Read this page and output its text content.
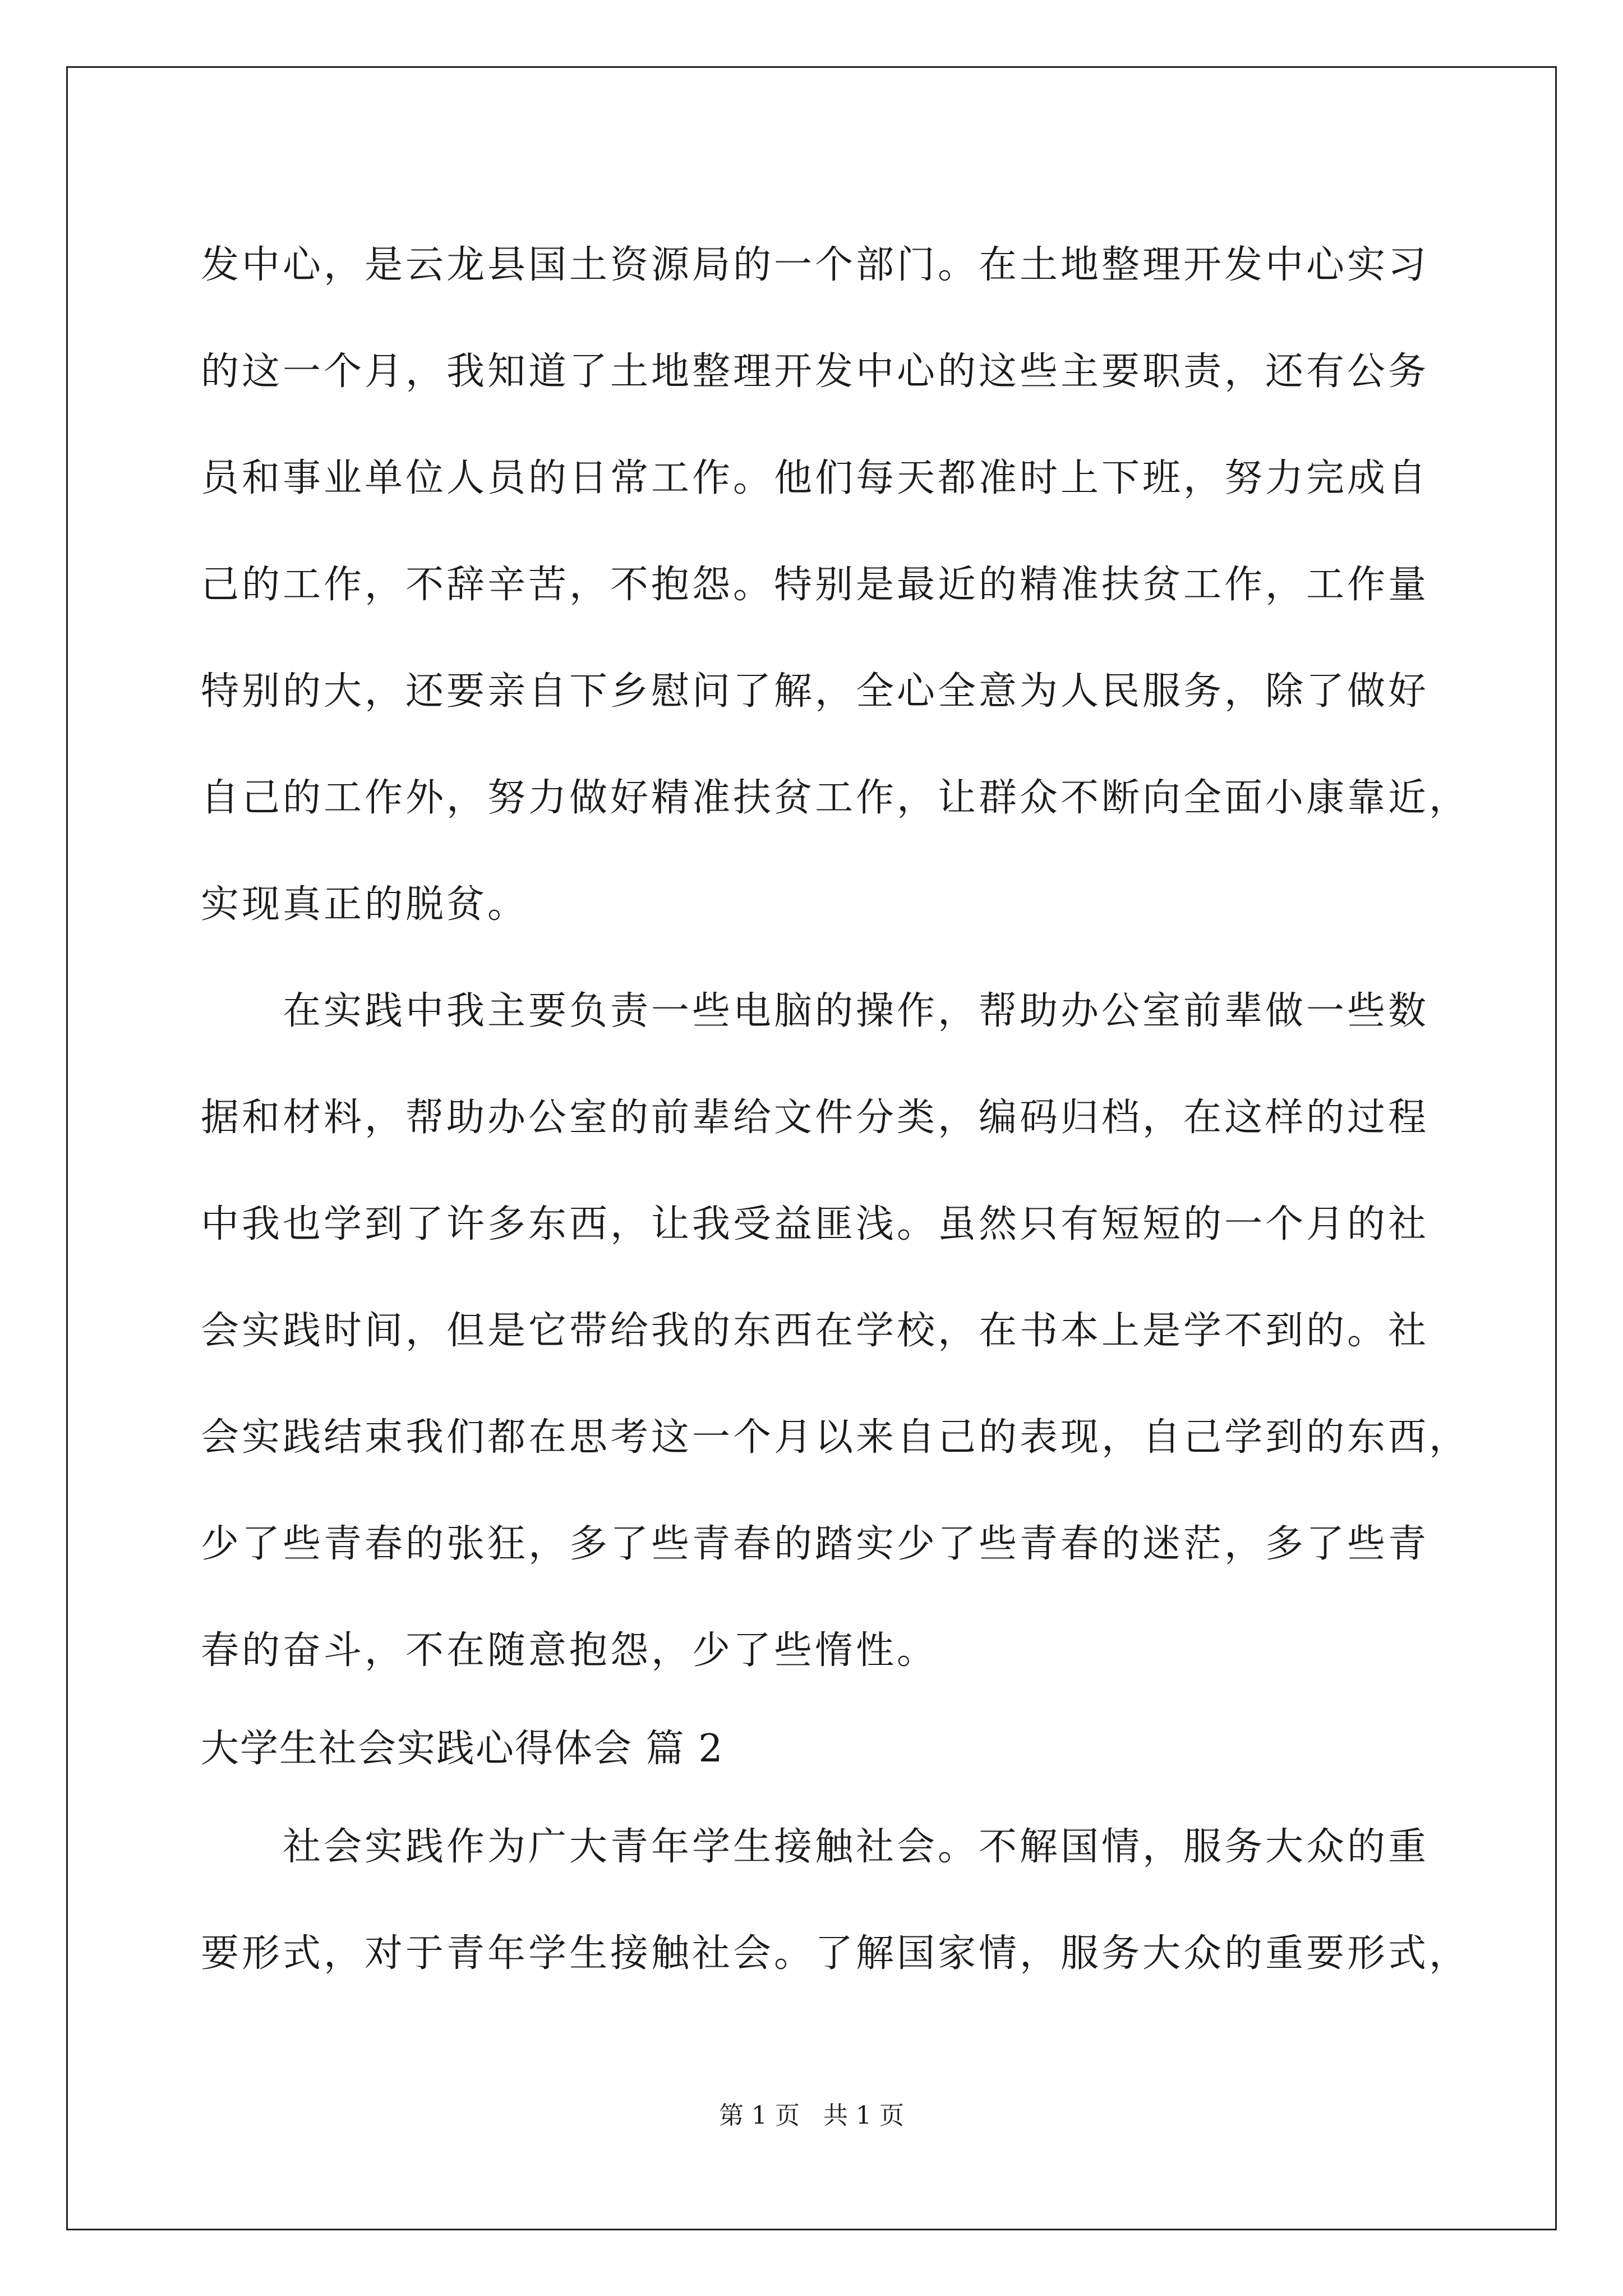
发中心，是云龙县国土资源局的一个部门。在土地整理开发中心实习
的这一个月，我知道了土地整理开发中心的这些主要职责，还有公务
员和事业单位人员的日常工作。他们每天都准时上下班，努力完成自
己的工作，不辞辛苦，不抱怨。特别是最近的精准扶贫工作，工作量
特别的大，还要亲自下乡慰问了解，全心全意为人民服务，除了做好
自己的工作外，努力做好精准扶贫工作，让群众不断向全面小康靠近，
实现真正的脱贫。
在实践中我主要负责一些电脑的操作，帮助办公室前辈做一些数
据和材料，帮助办公室的前辈给文件分类，编码归档，在这样的过程
中我也学到了许多东西，让我受益匪浅。虽然只有短短的一个月的社
会实践时间，但是它带给我的东西在学校，在书本上是学不到的。社
会实践结束我们都在思考这一个月以来自己的表现，自己学到的东西，
少了些青春的张狂，多了些青春的踏实少了些青春的迷茫，多了些青
春的奋斗，不在随意抱怨，少了些惰性。
大学生社会实践心得体会 篇 2
社会实践作为广大青年学生接触社会。不解国情，服务大众的重
要形式，对于青年学生接触社会。了解国家情，服务大众的重要形式，
第 1 页   共 1 页
